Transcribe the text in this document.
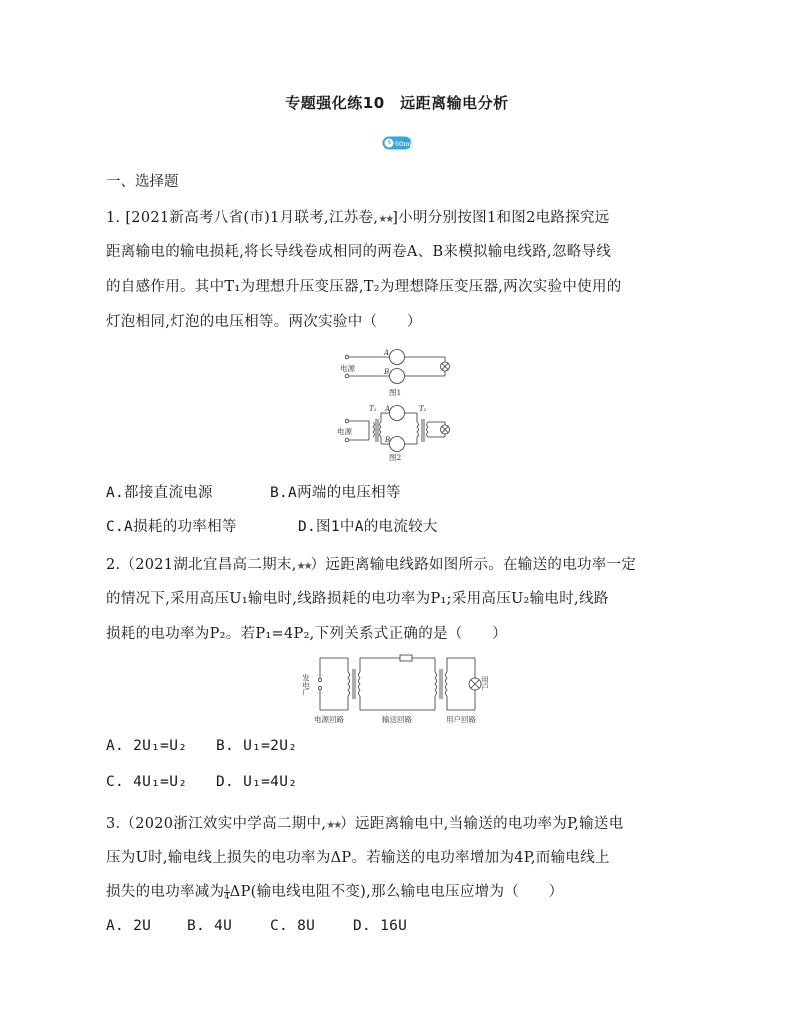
专题强化练10　远距离输电分析
60min
一、选择题
1. [2021新高考八省(市)1月联考,江苏卷,★★]小明分别按图1和图2电路探究远
距离输电的输电损耗,将长导线卷成相同的两卷A、B来模拟输电线路,忽略导线
的自感作用。其中T₁为理想升压变压器,T₂为理想降压变压器,两次实验中使用的
灯泡相同,灯泡的电压相等。两次实验中（　　）
电源
A
B
图1
电源
T₁	T₂
A
B
图2
A.都接直流电源	B.A两端的电压相等
C.A损耗的功率相等	D.图1中A的电流较大
2.（2021湖北宜昌高二期末,★★）远距离输电线路如图所示。在输送的电功率一定
的情况下,采用高压U₁输电时,线路损耗的电功率为P₁;采用高压U₂输电时,线路
损耗的电功率为P₂。若P₁=4P₂,下列关系式正确的是（　　）
发电厂	用户
电源回路	输送回路	用户回路
A. 2U₁=U₂ B. U₁=2U₂
C. 4U₁=U₂ D. U₁=4U₂
3.（2020浙江效实中学高二期中,★★）远距离输电中,当输送的电功率为P,输送电
压为U时,输电线上损失的电功率为ΔP。若输送的电功率增加为4P,而输电线上
损失的电功率减为 $\frac{1}{4} \Delta P$(输电线电阻不变),那么输电电压应增为（　　）
A. 2U B. 4U	C. 8U	D. 16U
